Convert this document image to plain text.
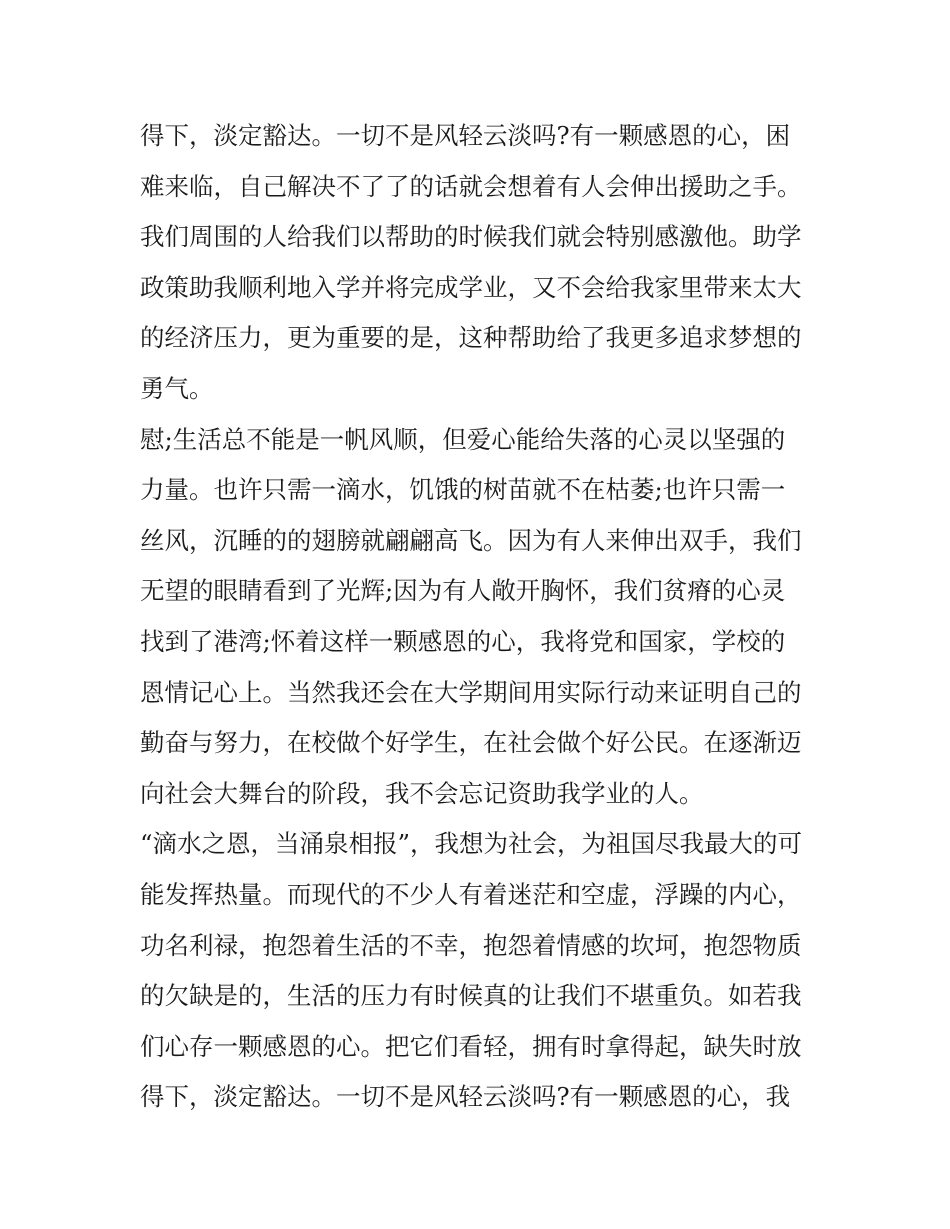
得下，淡定豁达。一切不是风轻云淡吗?有一颗感恩的心，困
难来临，自己解决不了了的话就会想着有人会伸出援助之手。
我们周围的人给我们以帮助的时候我们就会特别感激他。助学
政策助我顺利地入学并将完成学业，又不会给我家里带来太大
的经济压力，更为重要的是，这种帮助给了我更多追求梦想的
勇气。
慰;生活总不能是一帆风顺，但爱心能给失落的心灵以坚强的
力量。也许只需一滴水，饥饿的树苗就不在枯萎;也许只需一
丝风，沉睡的的翅膀就翩翩高飞。因为有人来伸出双手，我们
无望的眼睛看到了光辉;因为有人敞开胸怀，我们贫瘠的心灵
找到了港湾;怀着这样一颗感恩的心，我将党和国家，学校的
恩情记心上。当然我还会在大学期间用实际行动来证明自己的
勤奋与努力，在校做个好学生，在社会做个好公民。在逐渐迈
向社会大舞台的阶段，我不会忘记资助我学业的人。
“滴水之恩，当涌泉相报”，我想为社会，为祖国尽我最大的可
能发挥热量。而现代的不少人有着迷茫和空虚，浮躁的内心，
功名利禄，抱怨着生活的不幸，抱怨着情感的坎坷，抱怨物质
的欠缺是的，生活的压力有时候真的让我们不堪重负。如若我
们心存一颗感恩的心。把它们看轻，拥有时拿得起，缺失时放
得下，淡定豁达。一切不是风轻云淡吗?有一颗感恩的心，我
